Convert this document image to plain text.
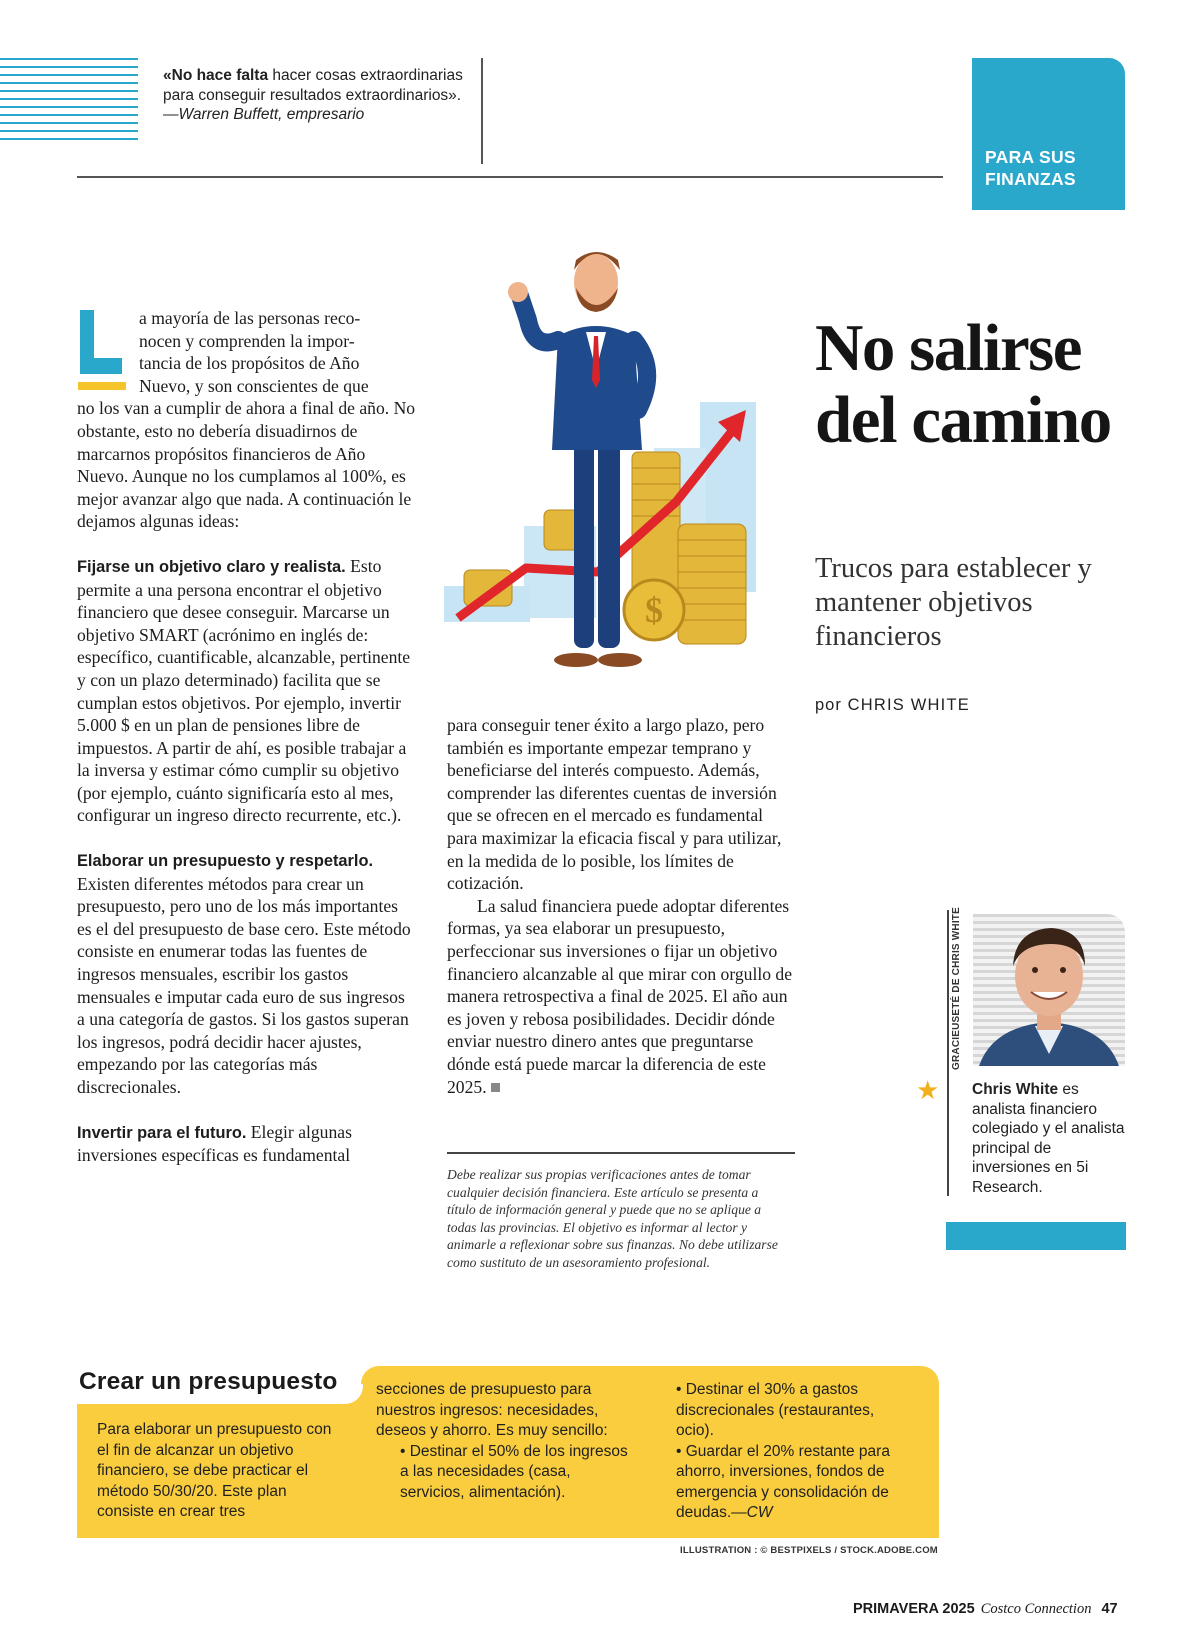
«No hace falta hacer cosas extraordinarias para conseguir resultados extraordinarios». —Warren Buffett, empresario
PARA SUS FINANZAS

a mayoría de las personas reco-

nocen y comprenden la impor-

tancia de los propósitos de Año

Nuevo, y son conscientes de que

no los van a cumplir de ahora a final de año. No obstante, esto no debería disuadirnos de marcarnos propósitos financieros de Año Nuevo. Aunque no los cumplamos al 100%, es mejor avanzar algo que nada. A continuación le dejamos algunas ideas:

Fijarse un objetivo claro y realista. Esto permite a una persona encontrar el objetivo financiero que desee conseguir. Marcarse un objetivo SMART (acrónimo en inglés de: específico, cuantificable, alcanzable, pertinente y con un plazo determinado) facilita que se cumplan estos objetivos. Por ejemplo, invertir 5.000 $ en un plan de pensiones libre de impuestos. A partir de ahí, es posible trabajar a la inversa y estimar cómo cumplir su objetivo (por ejemplo, cuánto significaría esto al mes, configurar un ingreso directo recurrente, etc.).

Elaborar un presupuesto y respetarlo. Existen diferentes métodos para crear un presupuesto, pero uno de los más importantes es el del presupuesto de base cero. Este método consiste en enumerar todas las fuentes de ingresos mensuales, escribir los gastos mensuales e imputar cada euro de sus ingresos a una categoría de gastos. Si los gastos superan los ingresos, podrá decidir hacer ajustes, empezando por las categorías más discrecionales.

Invertir para el futuro. Elegir algunas inversiones específicas es fundamental

$
No salirse del camino
Trucos para establecer y mantener objetivos financieros
por CHRIS WHITE

para conseguir tener éxito a largo plazo, pero también es importante empezar temprano y beneficiarse del interés compuesto. Además, comprender las diferentes cuentas de inversión que se ofrecen en el mercado es fundamental para maximizar la eficacia fiscal y para utilizar, en la medida de lo posible, los límites de cotización.

La salud financiera puede adoptar diferentes formas, ya sea elaborar un presupuesto, perfeccionar sus inversiones o fijar un objetivo financiero alcanzable al que mirar con orgullo de manera retrospectiva a final de 2025. El año aun es joven y rebosa posibilidades. Decidir dónde enviar nuestro dinero antes que preguntarse dónde está puede marcar la diferencia de este 2025.

Debe realizar sus propias verificaciones antes de tomar cualquier decisión financiera. Este artículo se presenta a título de información general y puede que no se aplique a todas las provincias. El objetivo es informar al lector y animarle a reflexionar sobre sus finanzas. No debe utilizarse como sustituto de un asesoramiento profesional.
GRACIEUSETÉ DE CHRIS WHITE
★ Chris White es analista financiero colegiado y el analista principal de inversiones en 5i Research.
Crear un presupuesto
Para elaborar un presupuesto con el fin de alcanzar un objetivo financiero, se debe practicar el método 50/30/20. Este plan consiste en crear tres

secciones de presupuesto para nuestros ingresos: necesidades, deseos y ahorro. Es muy sencillo:

• Destinar el 50% de los ingresos a las necesidades (casa, servicios, alimentación).

• Destinar el 30% a gastos discrecionales (restaurantes, ocio).

• Guardar el 20% restante para ahorro, inversiones, fondos de emergencia y consolidación de deudas.—CW

ILLUSTRATION : © BESTPIXELS / STOCK.ADOBE.COM
PRIMAVERA 2025 Costco Connection 47
